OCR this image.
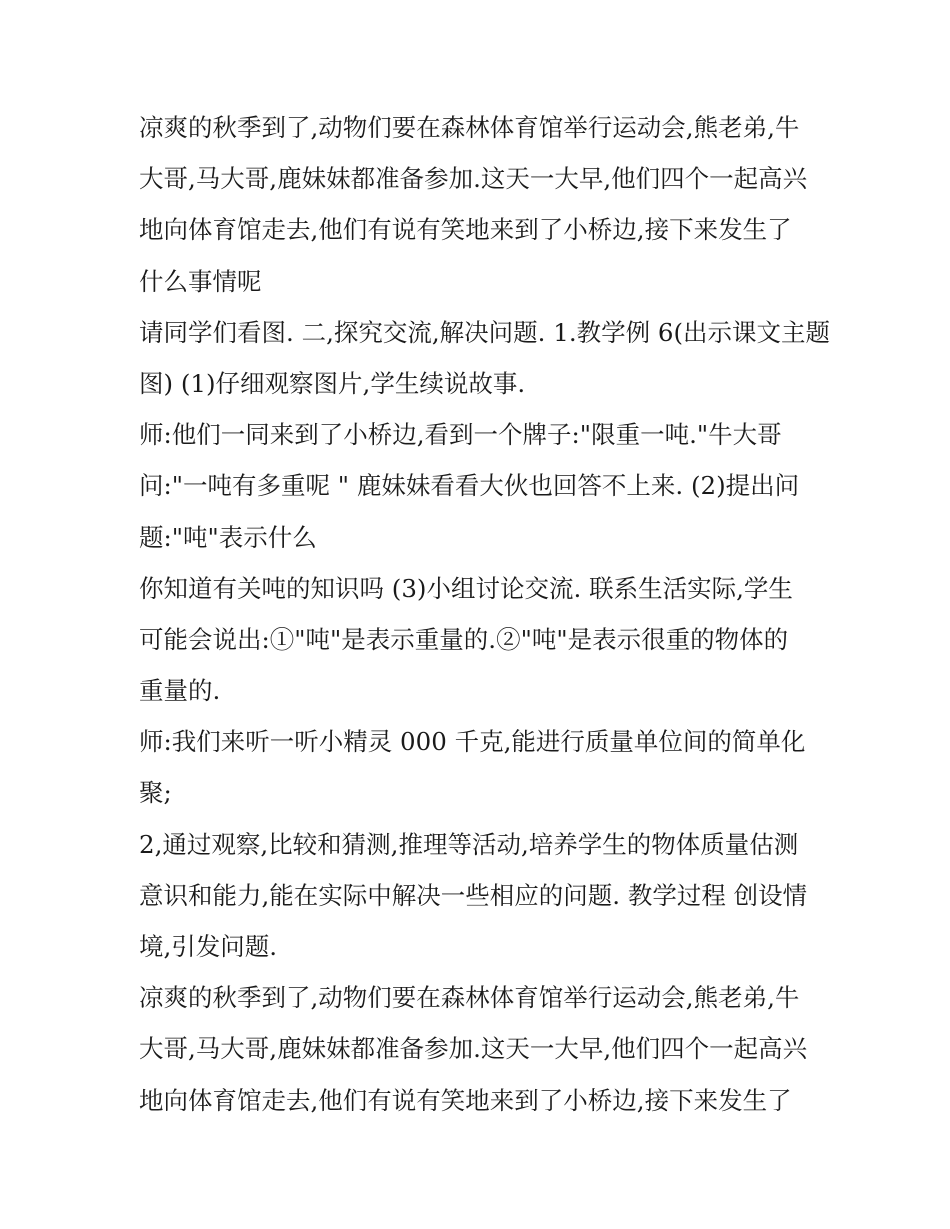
凉爽的秋季到了,动物们要在森林体育馆举行运动会,熊老弟,牛
大哥,马大哥,鹿妹妹都准备参加.这天一大早,他们四个一起高兴
地向体育馆走去,他们有说有笑地来到了小桥边,接下来发生了
什么事情呢
请同学们看图. 二,探究交流,解决问题. 1.教学例 6(出示课文主题
图) (1)仔细观察图片,学生续说故事.
师:他们一同来到了小桥边,看到一个牌子:"限重一吨."牛大哥
问:"一吨有多重呢 " 鹿妹妹看看大伙也回答不上来. (2)提出问
题:"吨"表示什么
你知道有关吨的知识吗 (3)小组讨论交流. 联系生活实际,学生
可能会说出:①"吨"是表示重量的.②"吨"是表示很重的物体的
重量的.
师:我们来听一听小精灵 000 千克,能进行质量单位间的简单化
聚;
2,通过观察,比较和猜测,推理等活动,培养学生的物体质量估测
意识和能力,能在实际中解决一些相应的问题. 教学过程 创设情
境,引发问题.
凉爽的秋季到了,动物们要在森林体育馆举行运动会,熊老弟,牛
大哥,马大哥,鹿妹妹都准备参加.这天一大早,他们四个一起高兴
地向体育馆走去,他们有说有笑地来到了小桥边,接下来发生了
